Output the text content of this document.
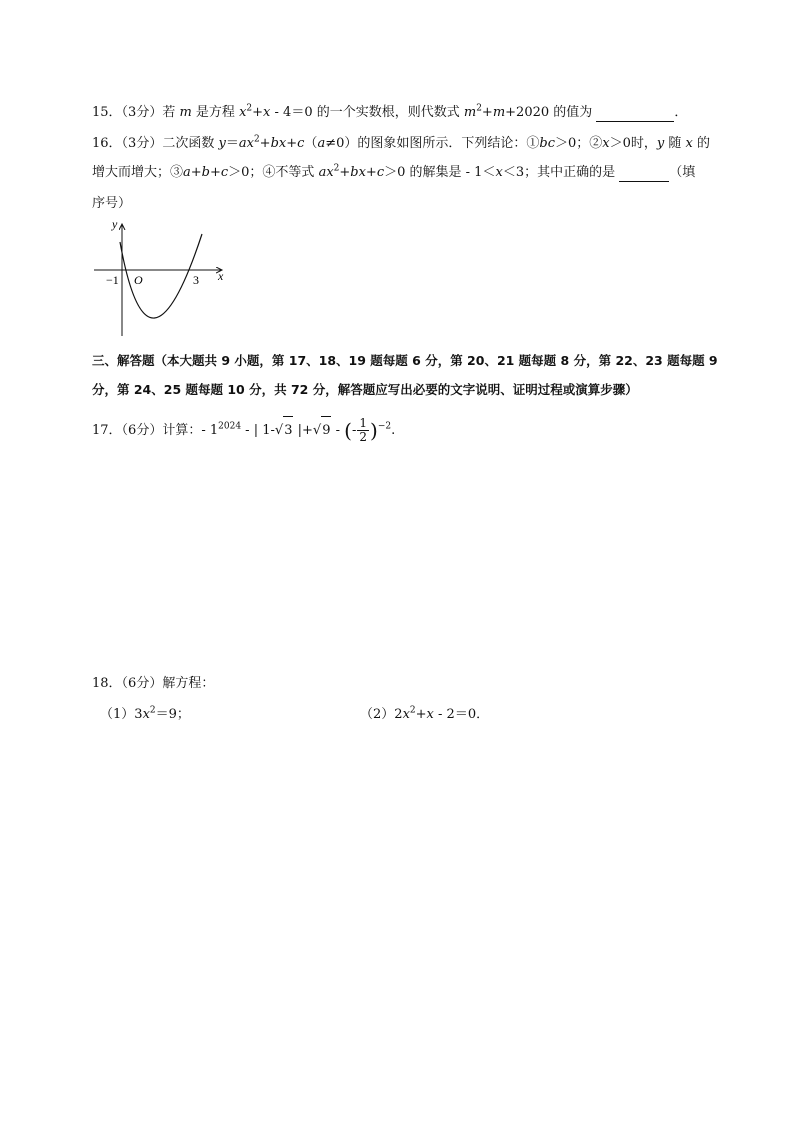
15．（3分）若 m 是方程 $x^2+x - 4=0$ 的一个实数根，则代数式 $m^2+m+2020$ 的值为	．
16．（3分）二次函数 $y=ax^2+bx+c(a\ne 0)$的图象如图所示．下列结论：①bc＞0；②x＞0时，y 随 x 的
增大而增大；③a+b+c＞0；④不等式 $ax^2+bx+c>0$ 的解集是 - 1＜x＜3；其中正确的是	（填
序号）
y
x
O
−1	3
三、解答题（本大题共 9 小题，第 17、18、19 题每题 6 分，第 20、21 题每题 8 分，第 22、23 题每题 9
分，第 24、25 题每题 10 分，共 72 分，解答题应写出必要的文字说明、证明过程或演算步骤）
17．（6分）计算：- $1^{2024}$ - | 1-√ 3 |+√ 9 - (- $\frac{1}{2} )^{-2}$.
18．（6分）解方程：
$(1)3x^2=9$；	$(2)2x^2+x - 2=0$．
